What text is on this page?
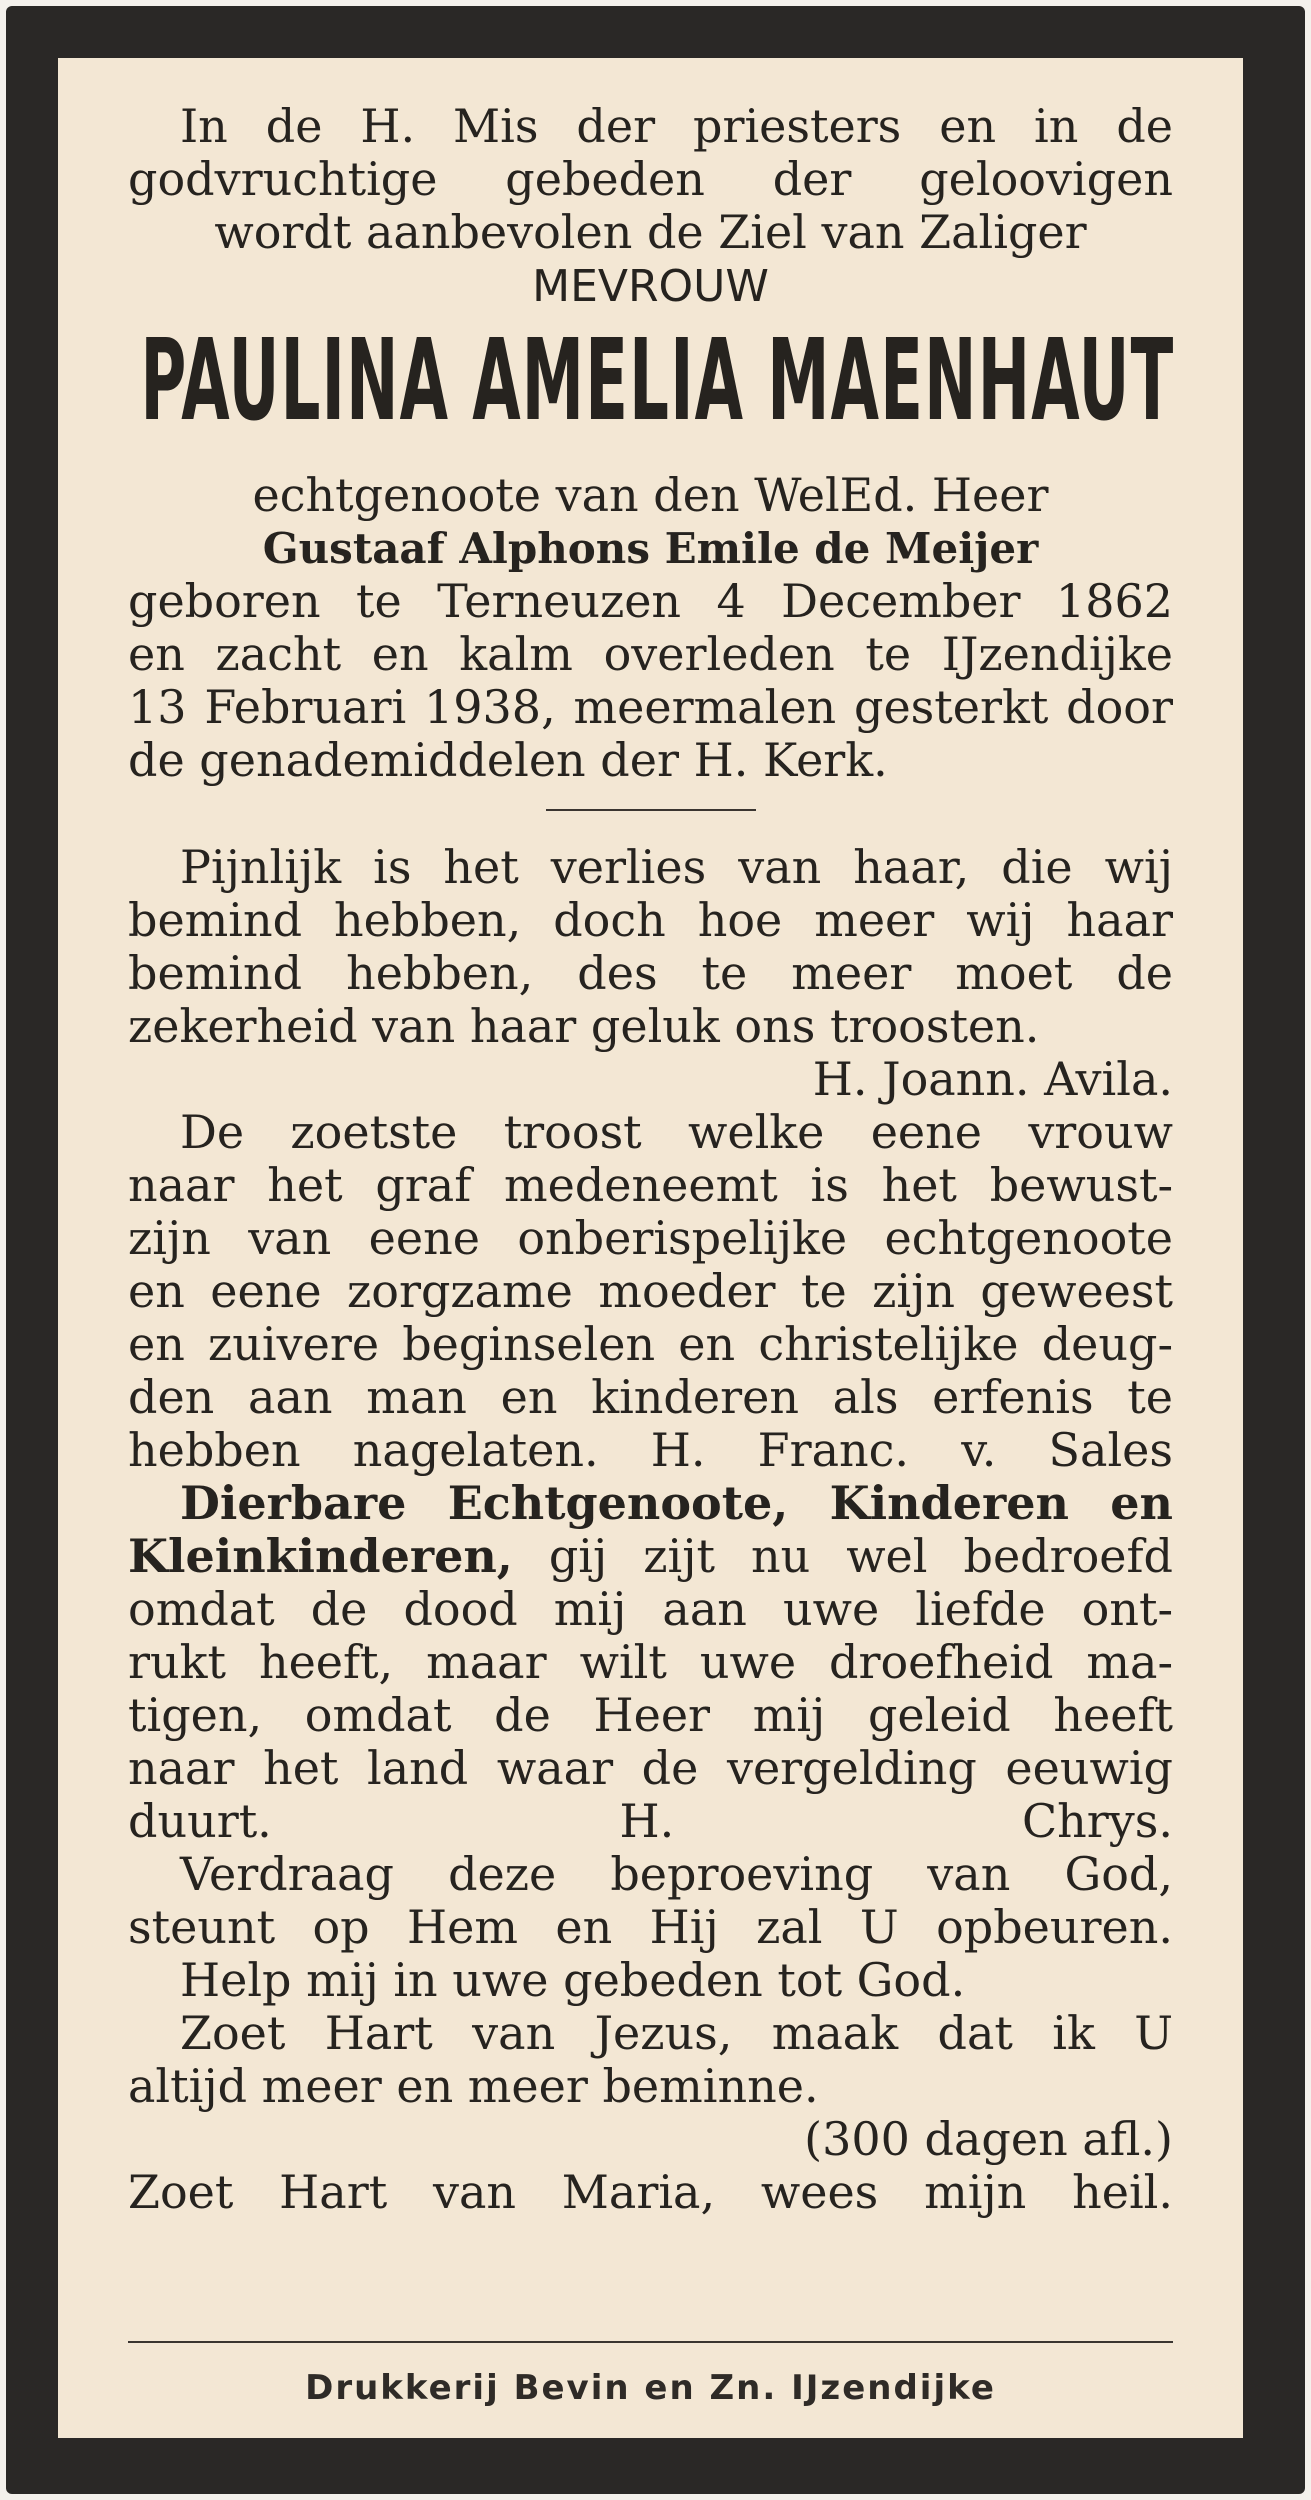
In de H. Mis der priesters en in de
godvruchtige gebeden der geloovigen
wordt aanbevolen de Ziel van Zaliger
MEVROUW
PAULINA AMELIA MAENHAUT
echtgenoote van den WelEd. Heer
Gustaaf Alphons Emile de Meijer
geboren te Terneuzen 4 December 1862
en zacht en kalm overleden te IJzendijke
13 Februari 1938, meermalen gesterkt door
de genademiddelen der H. Kerk.
Pijnlijk is het verlies van haar, die wij
bemind hebben, doch hoe meer wij haar
bemind hebben, des te meer moet de
zekerheid van haar geluk ons troosten.
H. Joann. Avila.
De zoetste troost welke eene vrouw
naar het graf medeneemt is het bewust-
zijn van eene onberispelijke echtgenoote
en eene zorgzame moeder te zijn geweest
en zuivere beginselen en christelijke deug-
den aan man en kinderen als erfenis te
hebben nagelaten. H. Franc. v. Sales
Dierbare Echtgenoote, Kinderen en
Kleinkinderen, gij zijt nu wel bedroefd
omdat de dood mij aan uwe liefde ont-
rukt heeft, maar wilt uwe droefheid ma-
tigen, omdat de Heer mij geleid heeft
naar het land waar de vergelding eeuwig
duurt.	H. Chrys.
Verdraag deze beproeving van God,
steunt op Hem en Hij zal U opbeuren.
Help mij in uwe gebeden tot God.
Zoet Hart van Jezus, maak dat ik U
altijd meer en meer beminne.
(300 dagen afl.)
Zoet Hart van Maria, wees mijn heil.
Drukkerij Bevin en Zn. IJzendijke
